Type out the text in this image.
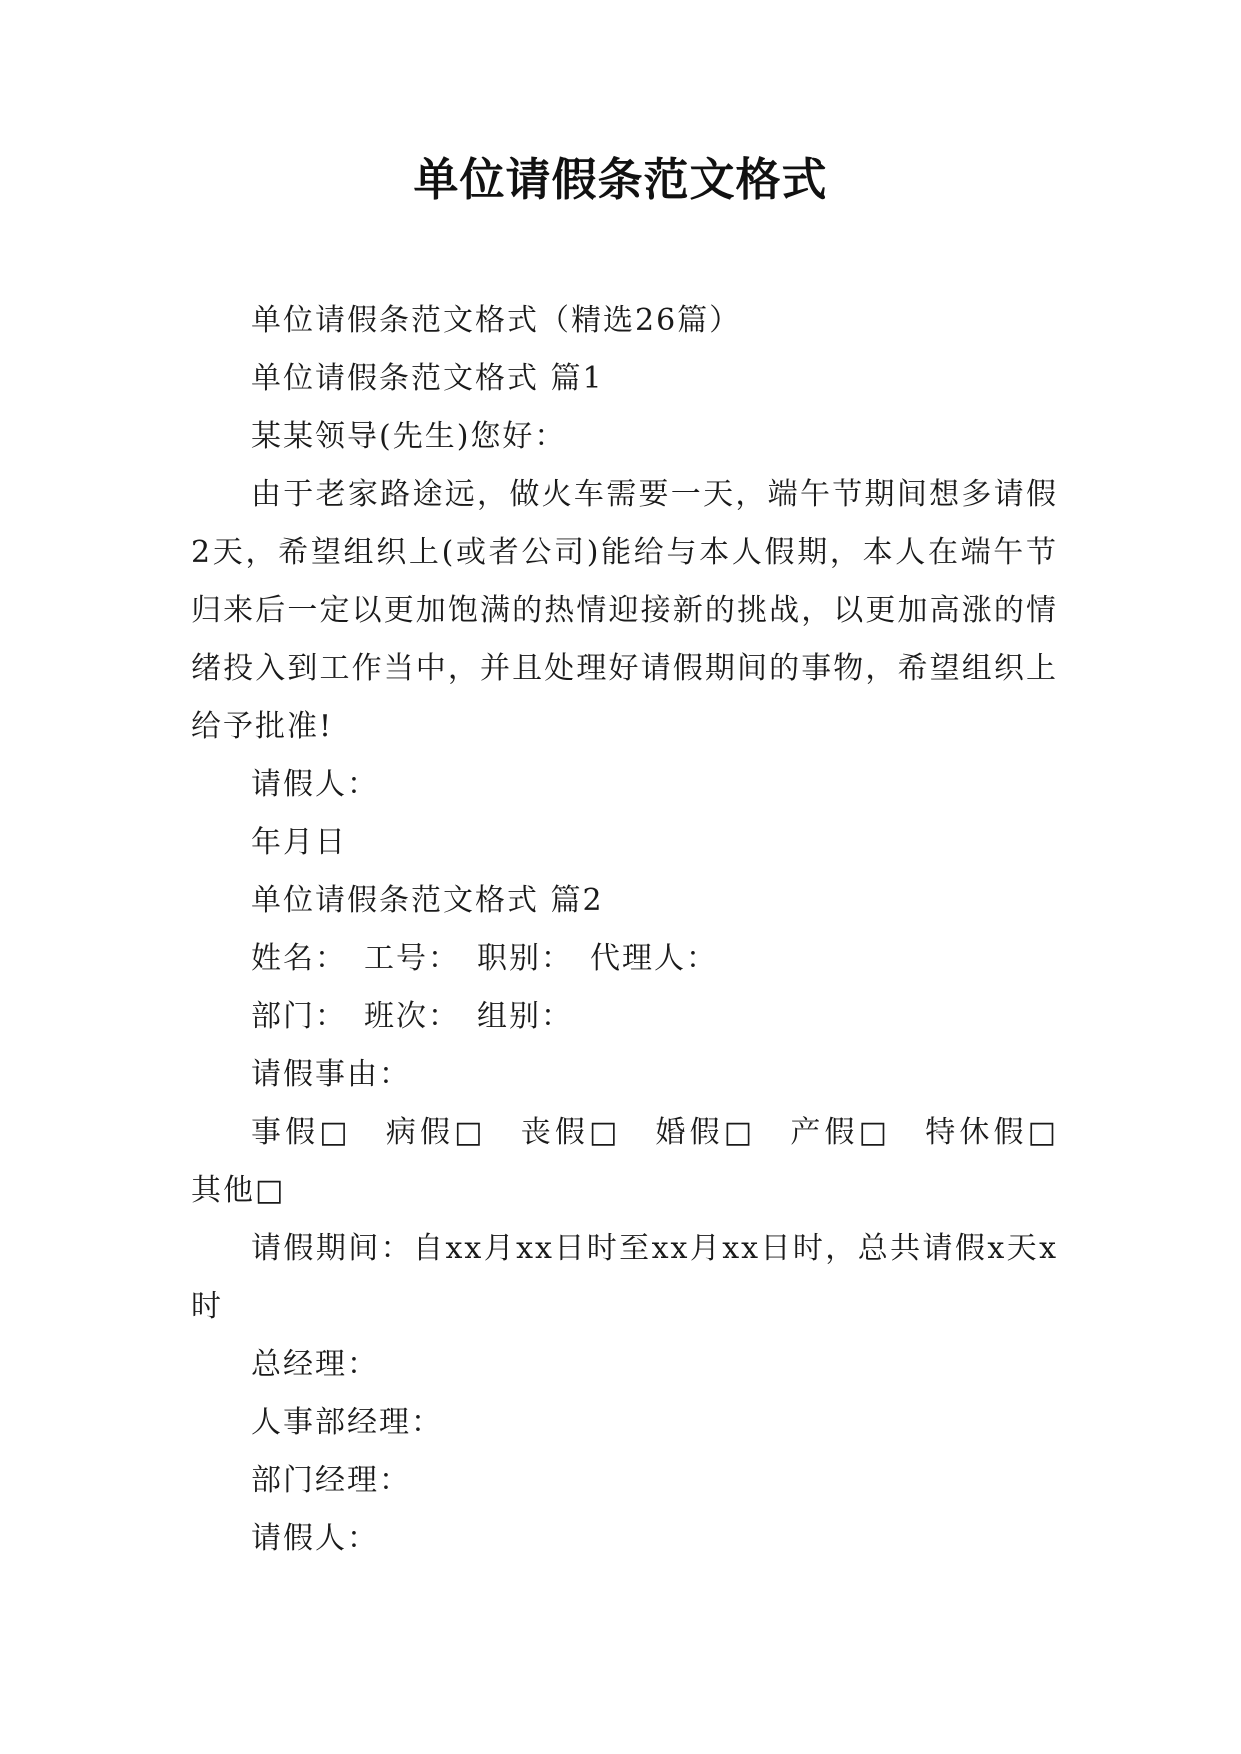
单位请假条范文格式

单位请假条范文格式（精选26篇）

单位请假条范文格式 篇1

某某领导(先生)您好：

由于老家路途远，做火车需要一天，端午节期间想多请假2天，希望组织上(或者公司)能给与本人假期，本人在端午节归来后一定以更加饱满的热情迎接新的挑战，以更加高涨的情绪投入到工作当中，并且处理好请假期间的事物，希望组织上给予批准!

请假人：

年月日

单位请假条范文格式 篇2

姓名：　工号：　职别：　代理人：

部门：　班次：　组别：

请假事由：

事假□　病假□　丧假□　婚假□　产假□　特休假□　其他□

请假期间：自xx月xx日时至xx月xx日时，总共请假x天x时

总经理：

人事部经理：

部门经理：

请假人：
